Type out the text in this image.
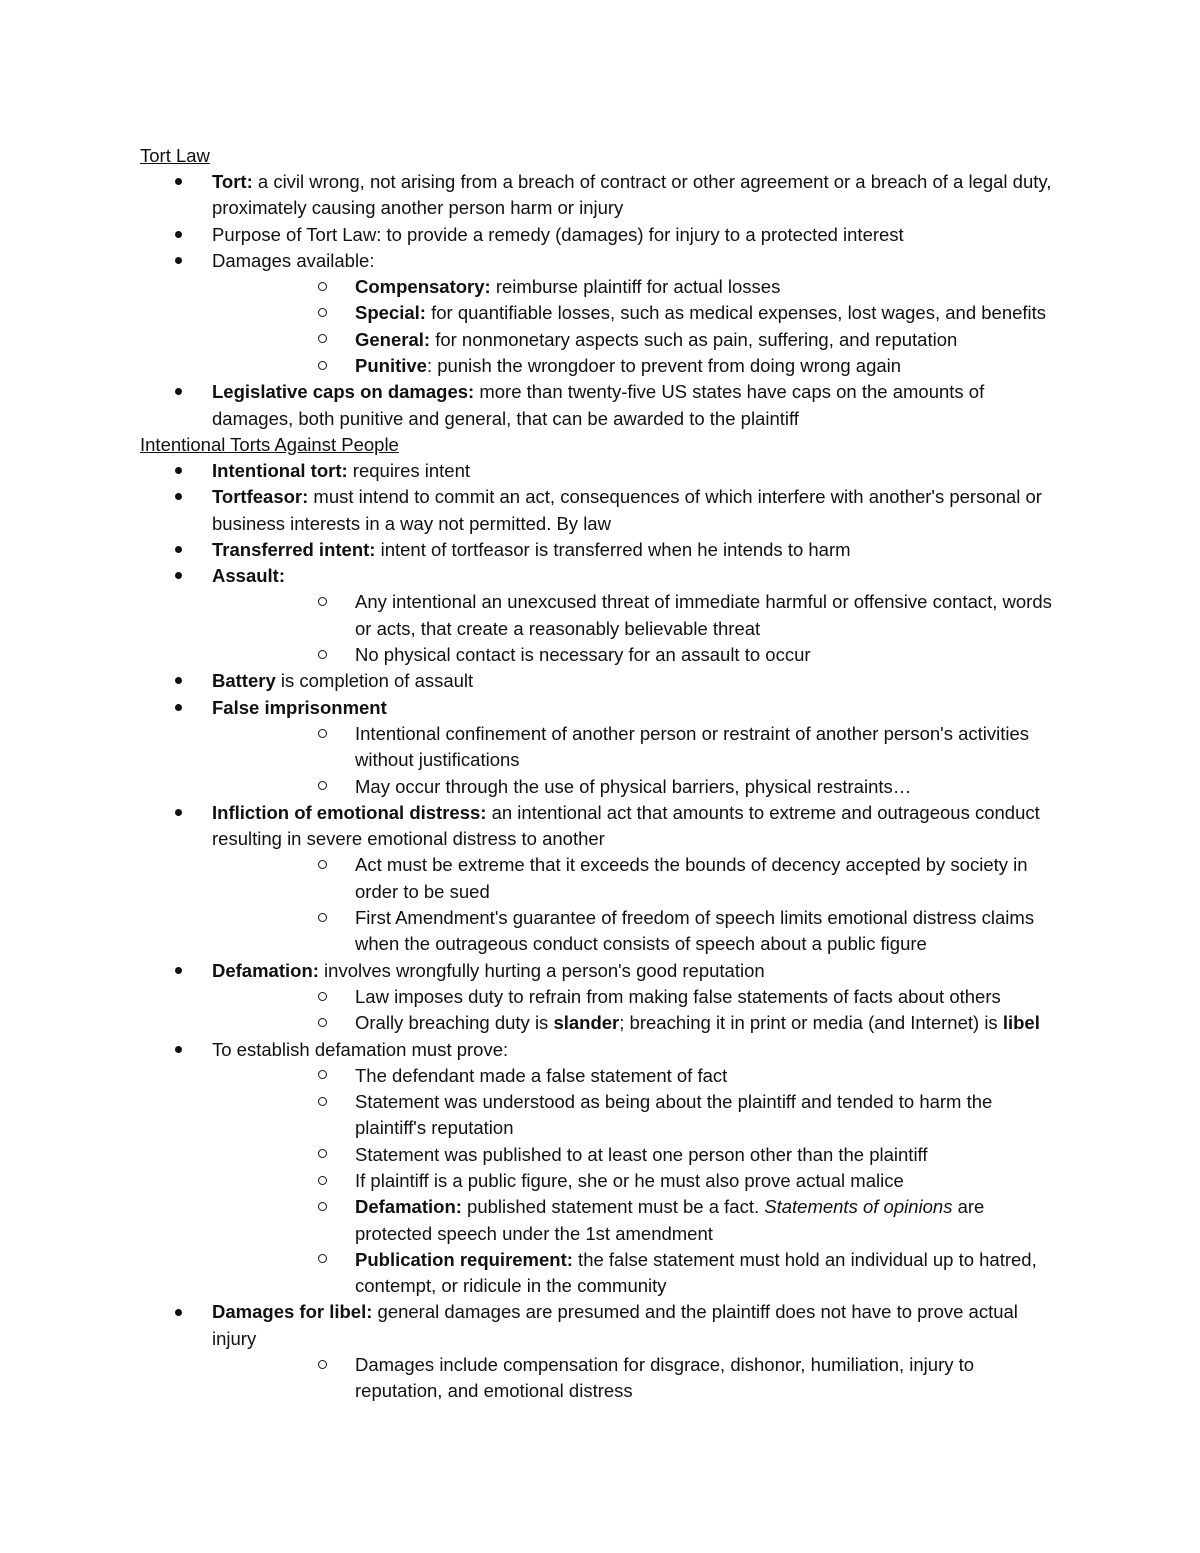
Tort Law
Tort: a civil wrong, not arising from a breach of contract or other agreement or a breach of a legal duty, proximately causing another person harm or injury
Purpose of Tort Law: to provide a remedy (damages) for injury to a protected interest
Damages available:
Compensatory: reimburse plaintiff for actual losses
Special: for quantifiable losses, such as medical expenses, lost wages, and benefits
General: for nonmonetary aspects such as pain, suffering, and reputation
Punitive: punish the wrongdoer to prevent from doing wrong again
Legislative caps on damages: more than twenty-five US states have caps on the amounts of damages, both punitive and general, that can be awarded to the plaintiff
Intentional Torts Against People
Intentional tort: requires intent
Tortfeasor: must intend to commit an act, consequences of which interfere with another's personal or business interests in a way not permitted. By law
Transferred intent: intent of tortfeasor is transferred when he intends to harm
Assault:
Any intentional an unexcused threat of immediate harmful or offensive contact, words or acts, that create a reasonably believable threat
No physical contact is necessary for an assault to occur
Battery is completion of assault
False imprisonment
Intentional confinement of another person or restraint of another person's activities without justifications
May occur through the use of physical barriers, physical restraints…
Infliction of emotional distress: an intentional act that amounts to extreme and outrageous conduct resulting in severe emotional distress to another
Act must be extreme that it exceeds the bounds of decency accepted by society in order to be sued
First Amendment's guarantee of freedom of speech limits emotional distress claims when the outrageous conduct consists of speech about a public figure
Defamation: involves wrongfully hurting a person's good reputation
Law imposes duty to refrain from making false statements of facts about others
Orally breaching duty is slander; breaching it in print or media (and Internet) is libel
To establish defamation must prove:
The defendant made a false statement of fact
Statement was understood as being about the plaintiff and tended to harm the plaintiff's reputation
Statement was published to at least one person other than the plaintiff
If plaintiff is a public figure, she or he must also prove actual malice
Defamation: published statement must be a fact. Statements of opinions are protected speech under the 1st amendment
Publication requirement: the false statement must hold an individual up to hatred, contempt, or ridicule in the community
Damages for libel: general damages are presumed and the plaintiff does not have to prove actual injury
Damages include compensation for disgrace, dishonor, humiliation, injury to reputation, and emotional distress
